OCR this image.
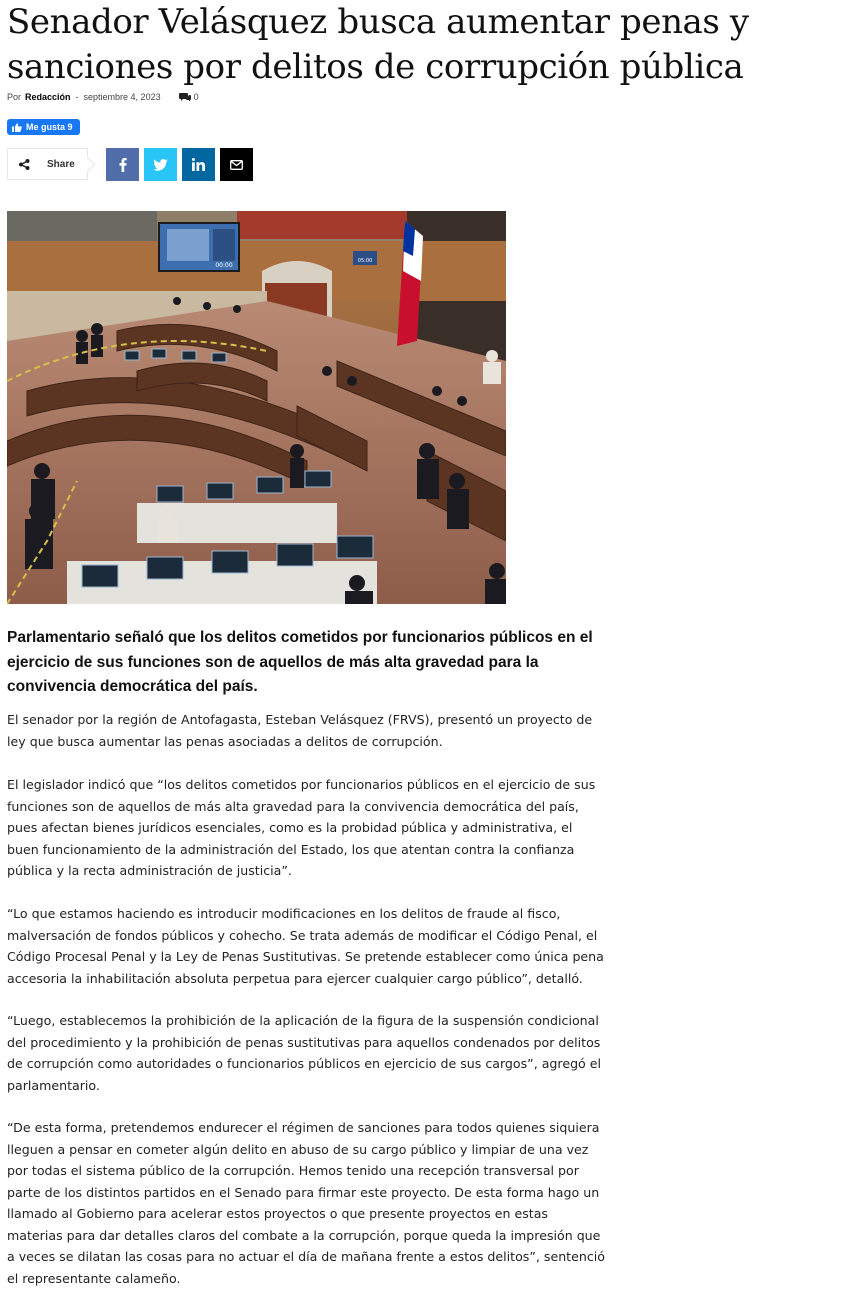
Senador Velásquez busca aumentar penas y sanciones por delitos de corrupción pública
Por Redacción - septiembre 4, 2023	0
Me gusta 9
Share
00:00
05:00

Parlamentario señaló que los delitos cometidos por funcionarios públicos en el ejercicio de sus funciones son de aquellos de más alta gravedad para la convivencia democrática del país.

El senador por la región de Antofagasta, Esteban Velásquez (FRVS), presentó un proyecto de ley que busca aumentar las penas asociadas a delitos de corrupción.

El legislador indicó que “los delitos cometidos por funcionarios públicos en el ejercicio de sus funciones son de aquellos de más alta gravedad para la convivencia democrática del país, pues afectan bienes jurídicos esenciales, como es la probidad pública y administrativa, el buen funcionamiento de la administración del Estado, los que atentan contra la confianza pública y la recta administración de justicia”.

“Lo que estamos haciendo es introducir modificaciones en los delitos de fraude al fisco, malversación de fondos públicos y cohecho. Se trata además de modificar el Código Penal, el Código Procesal Penal y la Ley de Penas Sustitutivas. Se pretende establecer como única pena accesoria la inhabilitación absoluta perpetua para ejercer cualquier cargo público”, detalló.

“Luego, establecemos la prohibición de la aplicación de la figura de la suspensión condicional del procedimiento y la prohibición de penas sustitutivas para aquellos condenados por delitos de corrupción como autoridades o funcionarios públicos en ejercicio de sus cargos”, agregó el parlamentario.

“De esta forma, pretendemos endurecer el régimen de sanciones para todos quienes siquiera lleguen a pensar en cometer algún delito en abuso de su cargo público y limpiar de una vez por todas el sistema público de la corrupción. Hemos tenido una recepción transversal por parte de los distintos partidos en el Senado para firmar este proyecto. De esta forma hago un llamado al Gobierno para acelerar estos proyectos o que presente proyectos en estas materias para dar detalles claros del combate a la corrupción, porque queda la impresión que a veces se dilatan las cosas para no actuar el día de mañana frente a estos delitos”, sentenció el representante calameño.
